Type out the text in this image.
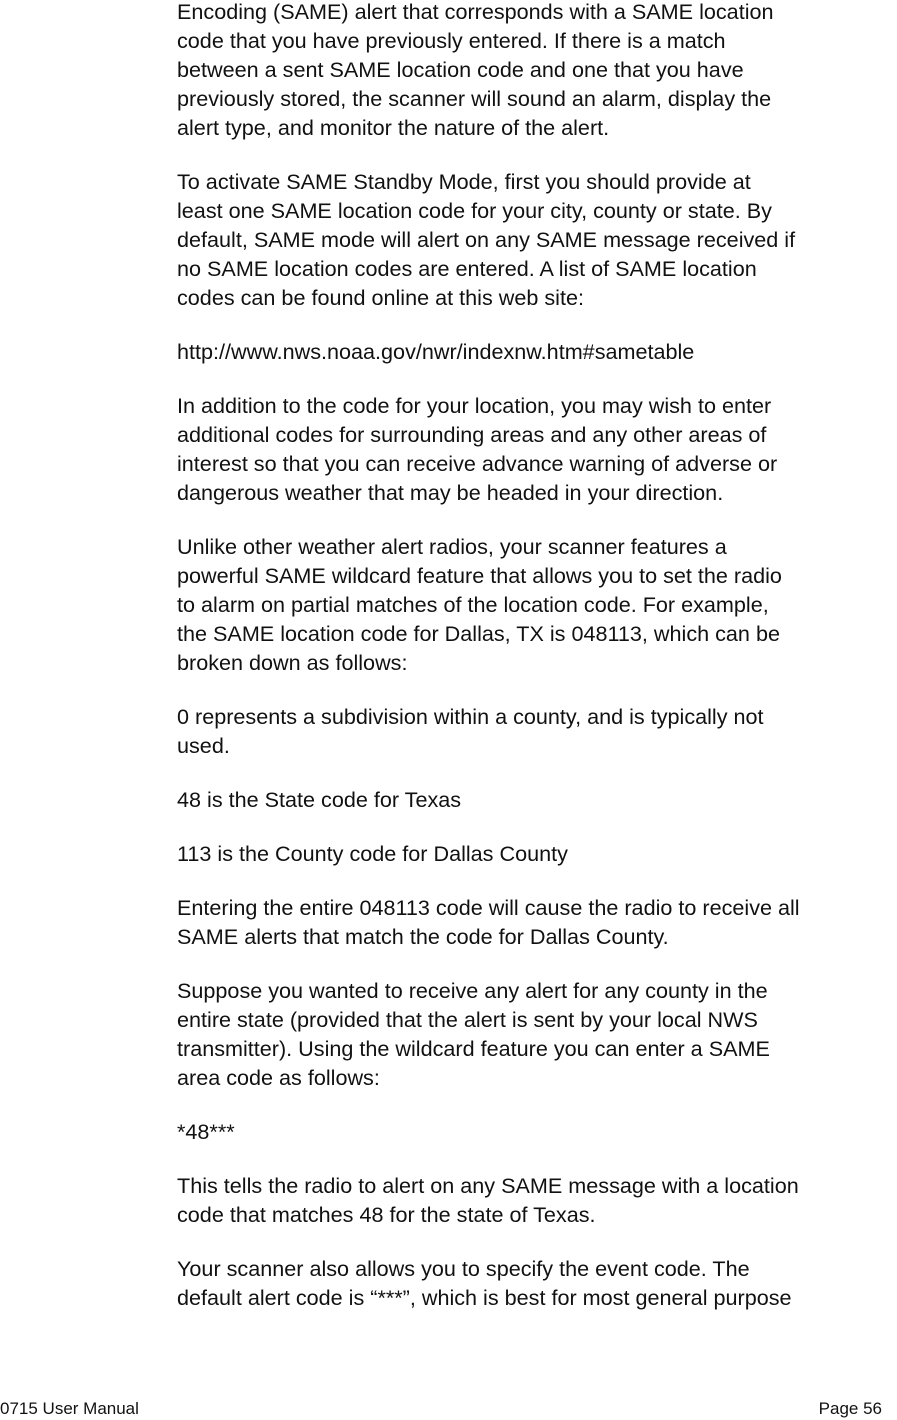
Encoding (SAME) alert that corresponds with a SAME location
code that you have previously entered. If there is a match
between a sent SAME location code and one that you have
previously stored, the scanner will sound an alarm, display the
alert type, and monitor the nature of the alert.

To activate SAME Standby Mode, first you should provide at
least one SAME location code for your city, county or state. By
default, SAME mode will alert on any SAME message received if
no SAME location codes are entered. A list of SAME location
codes can be found online at this web site:

http://www.nws.noaa.gov/nwr/indexnw.htm#sametable

In addition to the code for your location, you may wish to enter
additional codes for surrounding areas and any other areas of
interest so that you can receive advance warning of adverse or
dangerous weather that may be headed in your direction.

Unlike other weather alert radios, your scanner features a
powerful SAME wildcard feature that allows you to set the radio
to alarm on partial matches of the location code. For example,
the SAME location code for Dallas, TX is 048113, which can be
broken down as follows:

0 represents a subdivision within a county, and is typically not
used.

48 is the State code for Texas

113 is the County code for Dallas County

Entering the entire 048113 code will cause the radio to receive all
SAME alerts that match the code for Dallas County.

Suppose you wanted to receive any alert for any county in the
entire state (provided that the alert is sent by your local NWS
transmitter). Using the wildcard feature you can enter a SAME
area code as follows:

*48***

This tells the radio to alert on any SAME message with a location
code that matches 48 for the state of Texas.

Your scanner also allows you to specify the event code. The
default alert code is “***”, which is best for most general purpose

0715 User Manual	Page 56
